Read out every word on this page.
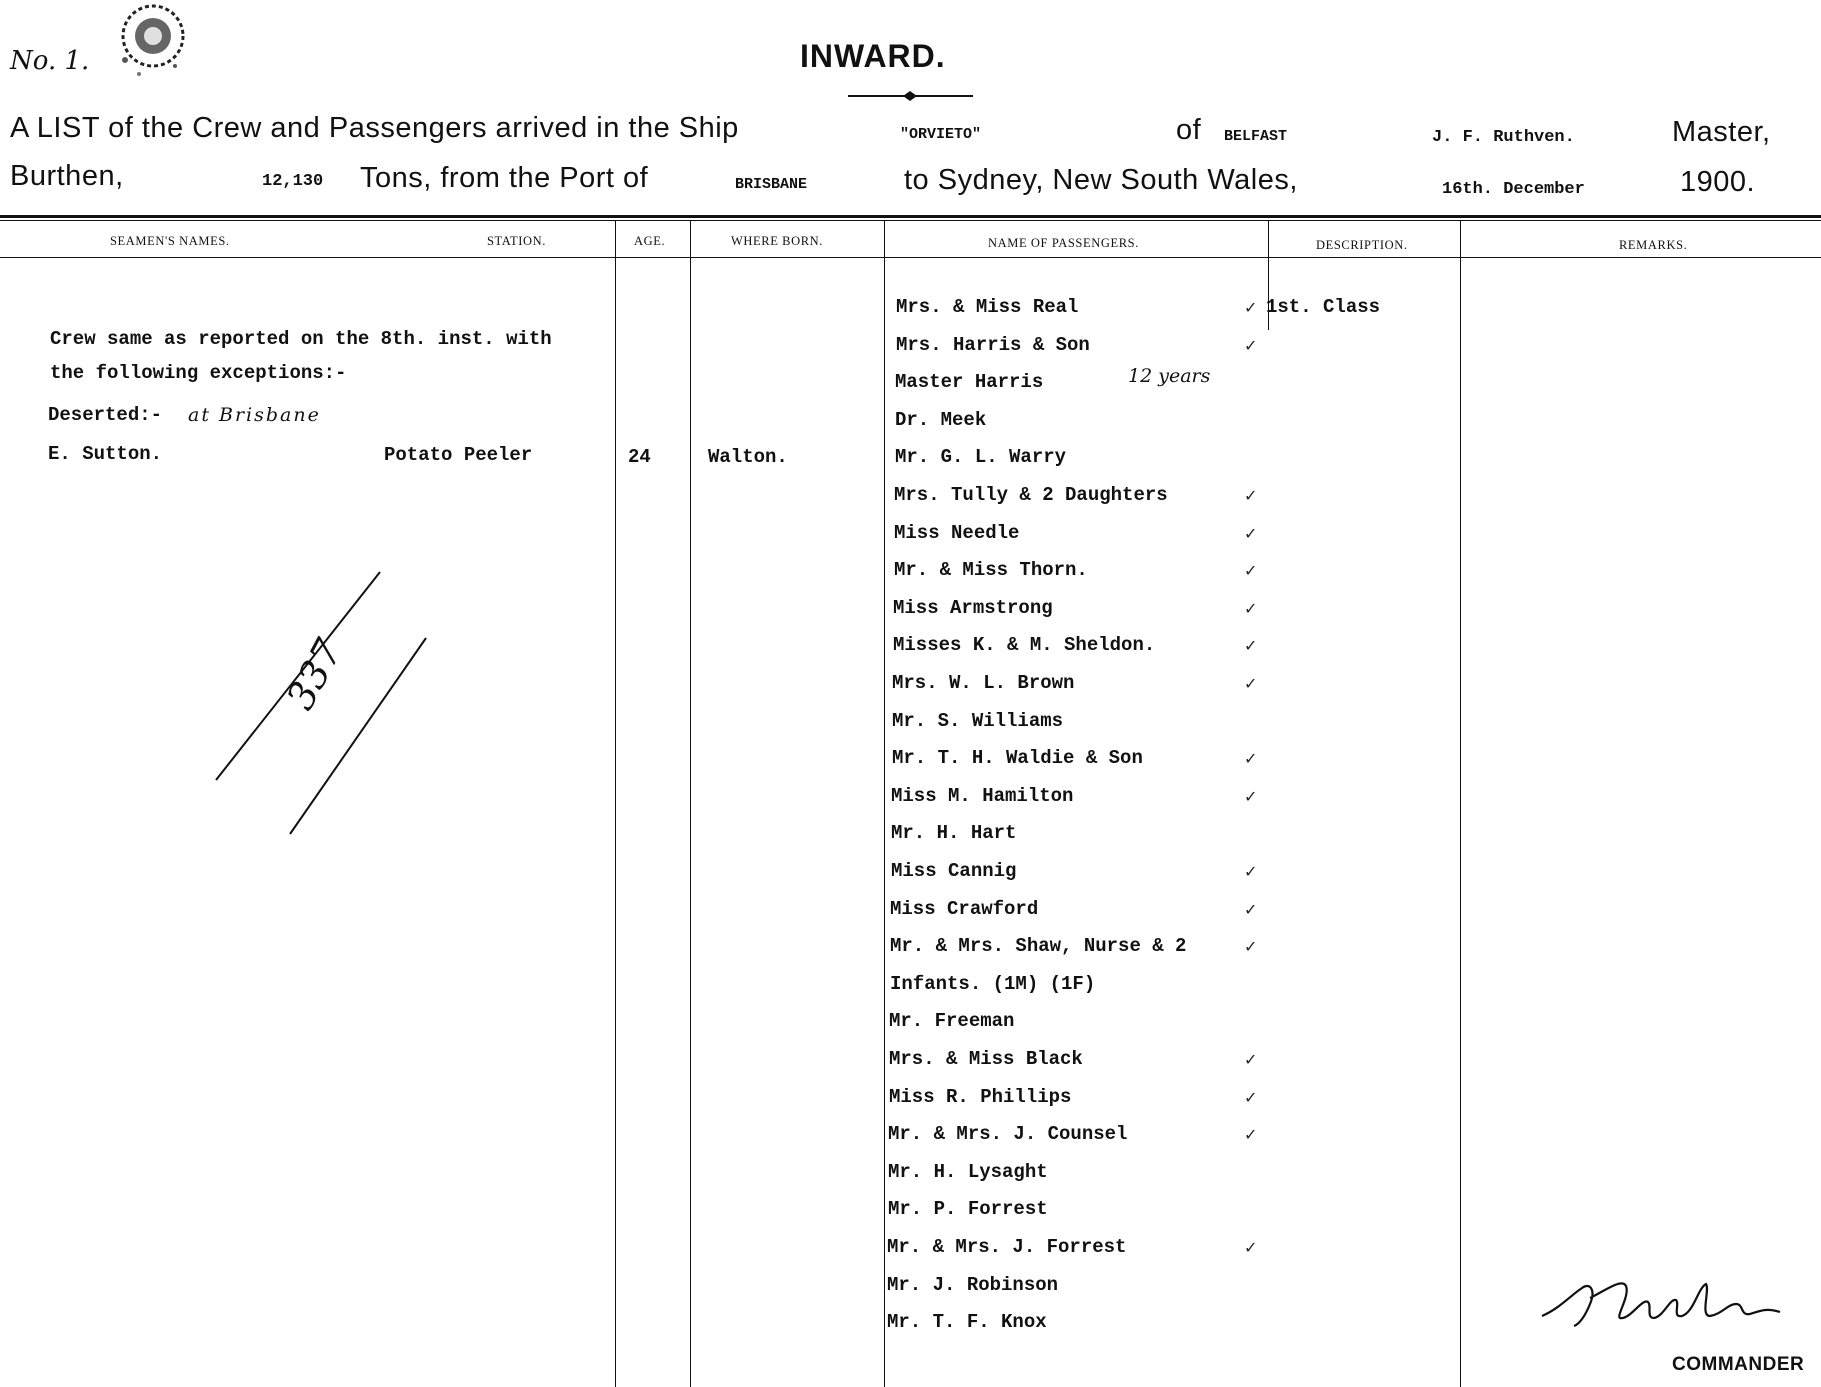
No. 1.	INWARD.
A LIST of the Crew and Passengers arrived in the Ship	"ORVIETO"	of BELFAST	J. F. Ruthven.	Master,
Burthen,	12,130 Tons, from the Port of	BRISBANE	to Sydney, New South Wales,	16th. December	1900.
SEAMEN'S NAMES.	STATION.	AGE.	WHERE BORN.	NAME OF PASSENGERS.	DESCRIPTION.	REMARKS.
Crew same as reported on the 8th. inst. with
the following exceptions:-
Deserted:- at Brisbane
E. Sutton.	Potato Peeler	24	Walton.
337
Mrs. & Miss Real	✓ 1st. Class
Mrs. Harris & Son	✓
Master Harris	12 years
Dr. Meek
Mr. G. L. Warry
Mrs. Tully & 2 Daughters	✓
Miss Needle	✓
Mr. & Miss Thorn.	✓
Miss Armstrong	✓
Misses K. & M. Sheldon.	✓
Mrs. W. L. Brown	✓
Mr. S. Williams
Mr. T. H. Waldie & Son	✓
Miss M. Hamilton	✓
Mr. H. Hart
Miss Cannig	✓
Miss Crawford	✓
Mr. & Mrs. Shaw, Nurse & 2	✓
Infants. (1M) (1F)
Mr. Freeman
Mrs. & Miss Black	✓
Miss R. Phillips	✓
Mr. & Mrs. J. Counsel	✓
Mr. H. Lysaght
Mr. P. Forrest
Mr. & Mrs. J. Forrest	✓
Mr. J. Robinson
Mr. T. F. Knox
COMMANDER
